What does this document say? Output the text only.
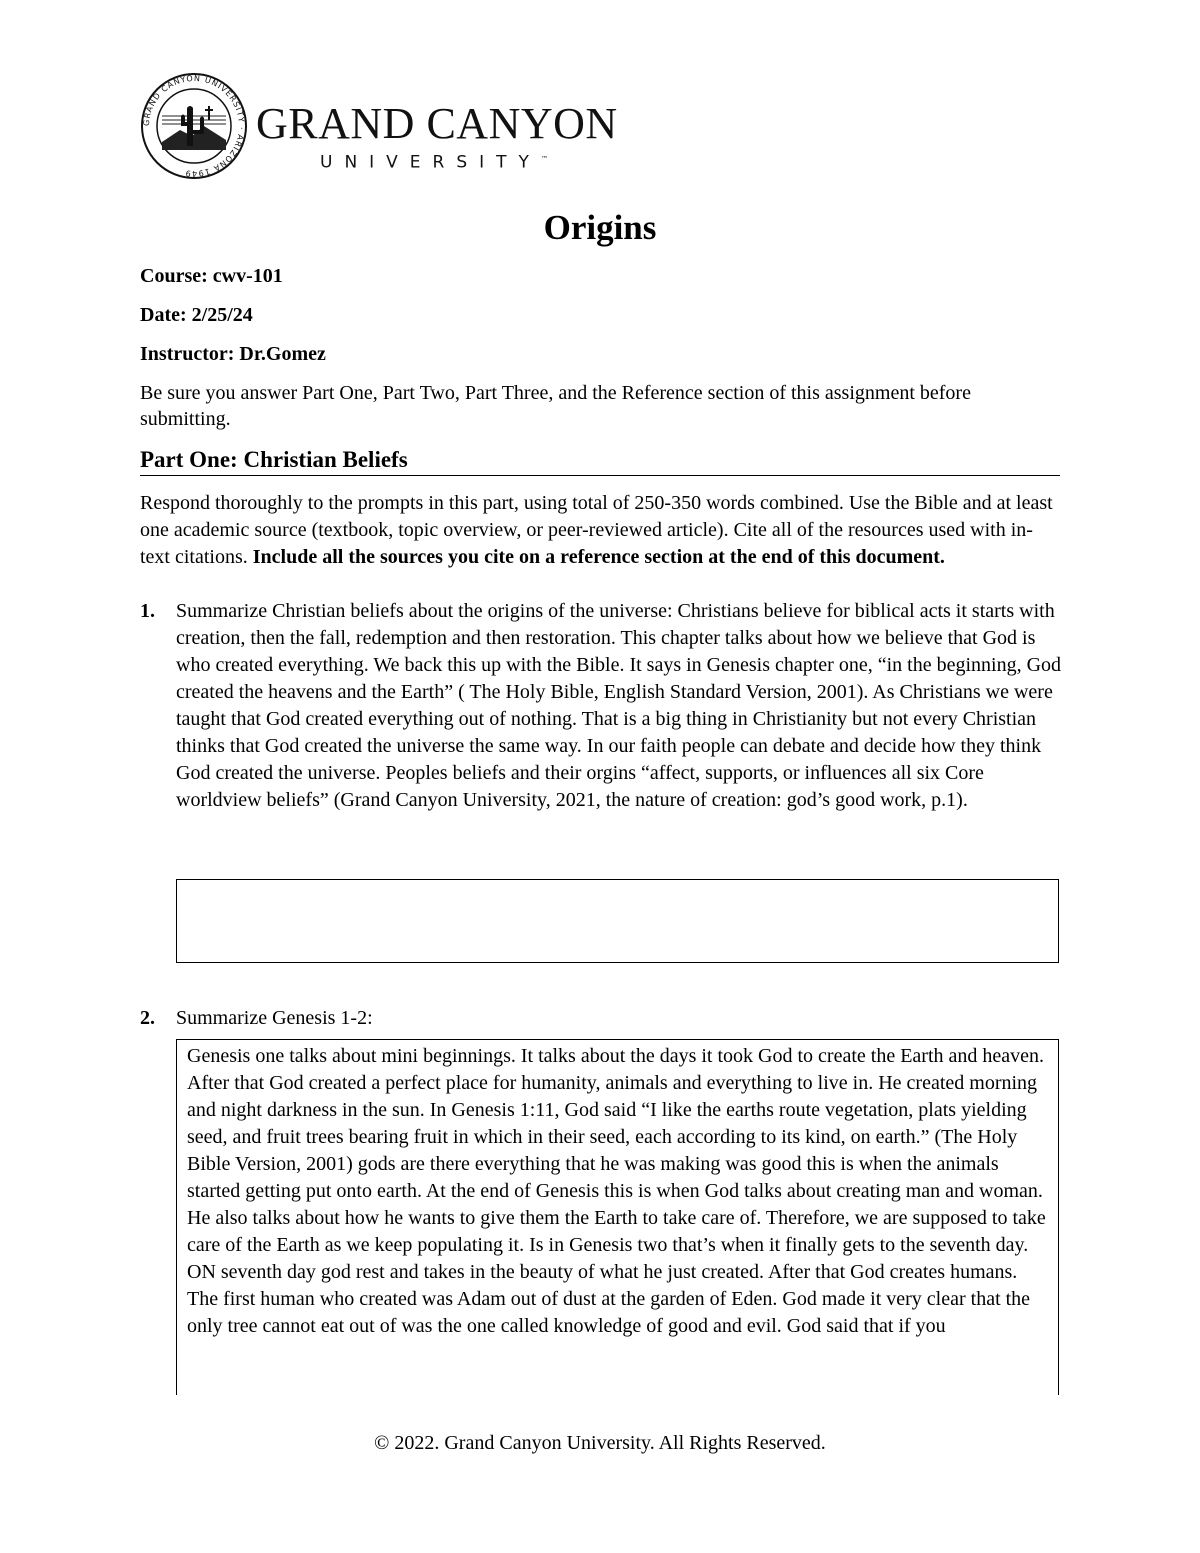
GRAND CANYON UNIVERSITY · ARIZONA 1949
GRAND CANYON
UNIVERSITY™
Origins
Course: cwv-101
Date: 2/25/24
Instructor: Dr.Gomez
Be sure you answer Part One, Part Two, Part Three, and the Reference section of this assignment before submitting.
Part One: Christian Beliefs
Respond thoroughly to the prompts in this part, using total of 250-350 words combined. Use the Bible and at least one academic source (textbook, topic overview, or peer-reviewed article). Cite all of the resources used with in-text citations. Include all the sources you cite on a reference section at the end of this document.
1.	Summarize Christian beliefs about the origins of the universe: Christians believe for biblical acts it starts with creation, then the fall, redemption and then restoration. This chapter talks about how we believe that God is who created everything. We back this up with the Bible. It says in Genesis chapter one, “in the beginning, God created the heavens and the Earth” ( The Holy Bible, English Standard Version, 2001). As Christians we were taught that God created everything out of nothing. That is a big thing in Christianity but not every Christian thinks that God created the universe the same way. In our faith people can debate and decide how they think God created the universe. Peoples beliefs and their orgins “affect, supports, or influences all six Core worldview beliefs” (Grand Canyon University, 2021, the nature of creation: god’s good work, p.1).
2.	Summarize Genesis 1-2:
Genesis one talks about mini beginnings. It talks about the days it took God to create the Earth and heaven. After that God created a perfect place for humanity, animals and everything to live in. He created morning and night darkness in the sun. In Genesis 1:11, God said “I like the earths route vegetation, plats yielding seed, and fruit trees bearing fruit in which in their seed, each according to its kind, on earth.” (The Holy Bible Version, 2001) gods are there everything that he was making was good this is when the animals started getting put onto earth. At the end of Genesis this is when God talks about creating man and woman. He also talks about how he wants to give them the Earth to take care of. Therefore, we are supposed to take care of the Earth as we keep populating it. Is in Genesis two that’s when it finally gets to the seventh day. ON seventh day god rest and takes in the beauty of what he just created. After that God creates humans. The first human who created was Adam out of dust at the garden of Eden. God made it very clear that the only tree cannot eat out of was the one called knowledge of good and evil. God said that if you
© 2022. Grand Canyon University. All Rights Reserved.
